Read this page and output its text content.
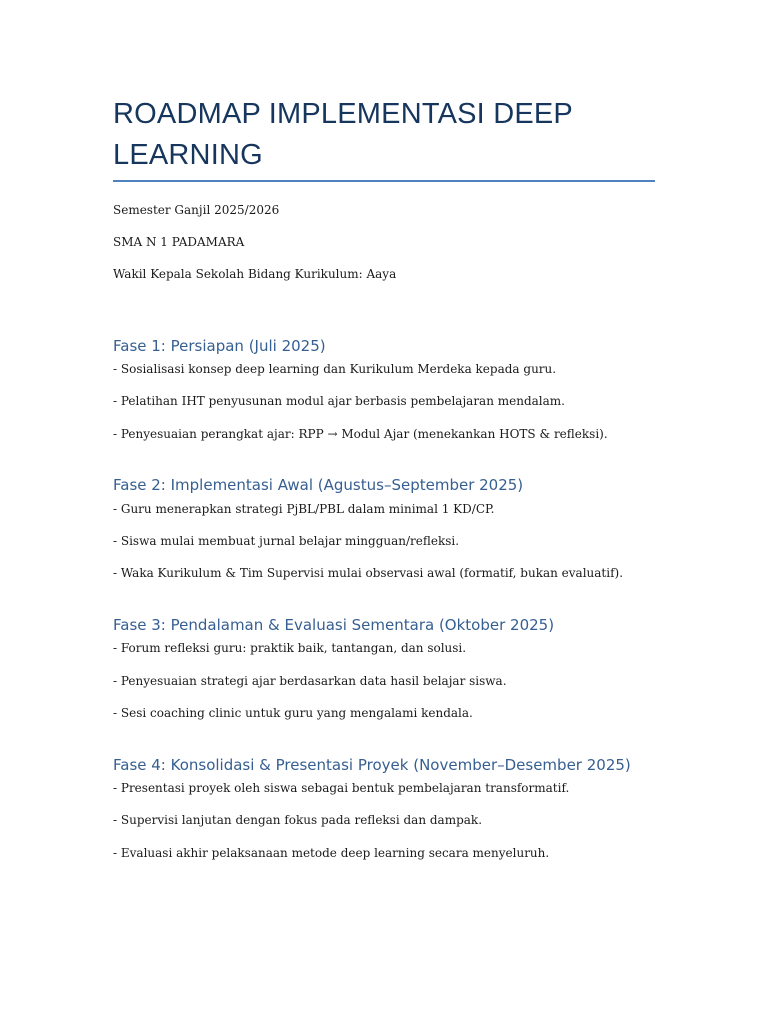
ROADMAP IMPLEMENTASI DEEP LEARNING

Semester Ganjil 2025/2026

SMA N 1 PADAMARA

Wakil Kepala Sekolah Bidang Kurikulum: Aaya

Fase 1: Persiapan (Juli 2025)

- Sosialisasi konsep deep learning dan Kurikulum Merdeka kepada guru.

- Pelatihan IHT penyusunan modul ajar berbasis pembelajaran mendalam.

- Penyesuaian perangkat ajar: RPP → Modul Ajar (menekankan HOTS & refleksi).

Fase 2: Implementasi Awal (Agustus–September 2025)

- Guru menerapkan strategi PjBL/PBL dalam minimal 1 KD/CP.

- Siswa mulai membuat jurnal belajar mingguan/refleksi.

- Waka Kurikulum & Tim Supervisi mulai observasi awal (formatif, bukan evaluatif).

Fase 3: Pendalaman & Evaluasi Sementara (Oktober 2025)

- Forum refleksi guru: praktik baik, tantangan, dan solusi.

- Penyesuaian strategi ajar berdasarkan data hasil belajar siswa.

- Sesi coaching clinic untuk guru yang mengalami kendala.

Fase 4: Konsolidasi & Presentasi Proyek (November–Desember 2025)

- Presentasi proyek oleh siswa sebagai bentuk pembelajaran transformatif.

- Supervisi lanjutan dengan fokus pada refleksi dan dampak.

- Evaluasi akhir pelaksanaan metode deep learning secara menyeluruh.
